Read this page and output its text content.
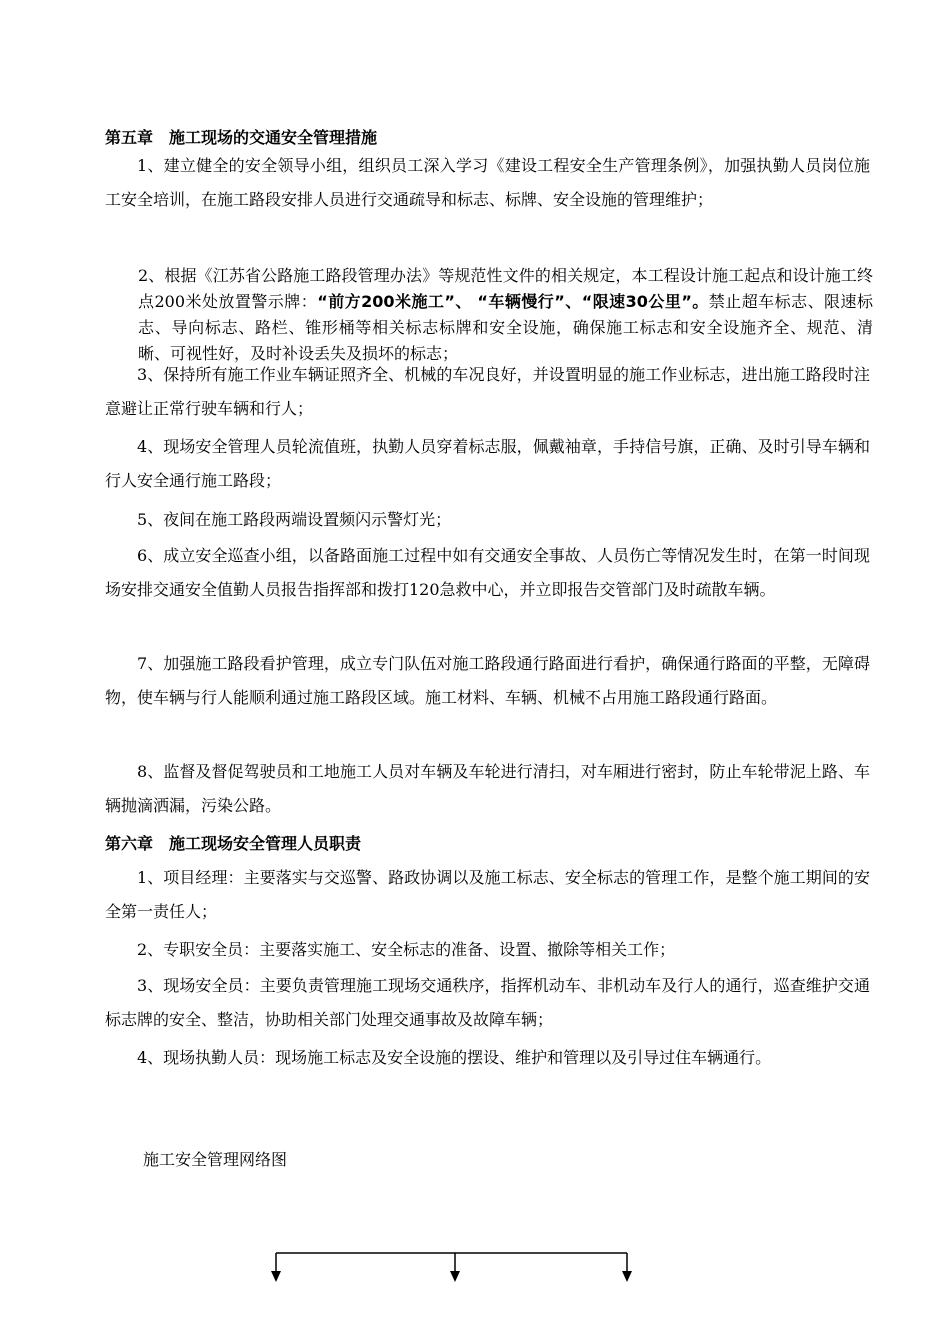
第五章　施工现场的交通安全管理措施
1、建立健全的安全领导小组，组织员工深入学习《建设工程安全生产管理条例》，加强执勤人员岗位施工安全培训，在施工路段安排人员进行交通疏导和标志、标牌、安全设施的管理维护；
2、根据《江苏省公路施工路段管理办法》等规范性文件的相关规定，本工程设计施工起点和设计施工终点200米处放置警示牌：“前方200米施工”、 “车辆慢行”、“限速30公里”。禁止超车标志、限速标志、导向标志、路栏、锥形桶等相关标志标牌和安全设施，确保施工标志和安全设施齐全、规范、清晰、可视性好，及时补设丢失及损坏的标志；
3、保持所有施工作业车辆证照齐全、机械的车况良好，并设置明显的施工作业标志，进出施工路段时注意避让正常行驶车辆和行人；
4、现场安全管理人员轮流值班，执勤人员穿着标志服，佩戴袖章，手持信号旗，正确、及时引导车辆和行人安全通行施工路段；
5、夜间在施工路段两端设置频闪示警灯光；
6、成立安全巡查小组，以备路面施工过程中如有交通安全事故、人员伤亡等情况发生时，在第一时间现场安排交通安全值勤人员报告指挥部和拨打120急救中心，并立即报告交管部门及时疏散车辆。
7、加强施工路段看护管理，成立专门队伍对施工路段通行路面进行看护，确保通行路面的平整，无障碍物，使车辆与行人能顺利通过施工路段区域。施工材料、车辆、机械不占用施工路段通行路面。
8、监督及督促驾驶员和工地施工人员对车辆及车轮进行清扫，对车厢进行密封，防止车轮带泥上路、车辆抛滴洒漏，污染公路。
第六章　施工现场安全管理人员职责
1、项目经理：主要落实与交巡警、路政协调以及施工标志、安全标志的管理工作，是整个施工期间的安全第一责任人；
2、专职安全员：主要落实施工、安全标志的准备、设置、撤除等相关工作；
3、现场安全员：主要负责管理施工现场交通秩序，指挥机动车、非机动车及行人的通行，巡查维护交通标志牌的安全、整洁，协助相关部门处理交通事故及故障车辆；
4、现场执勤人员：现场施工标志及安全设施的摆设、维护和管理以及引导过住车辆通行。
施工安全管理网络图
